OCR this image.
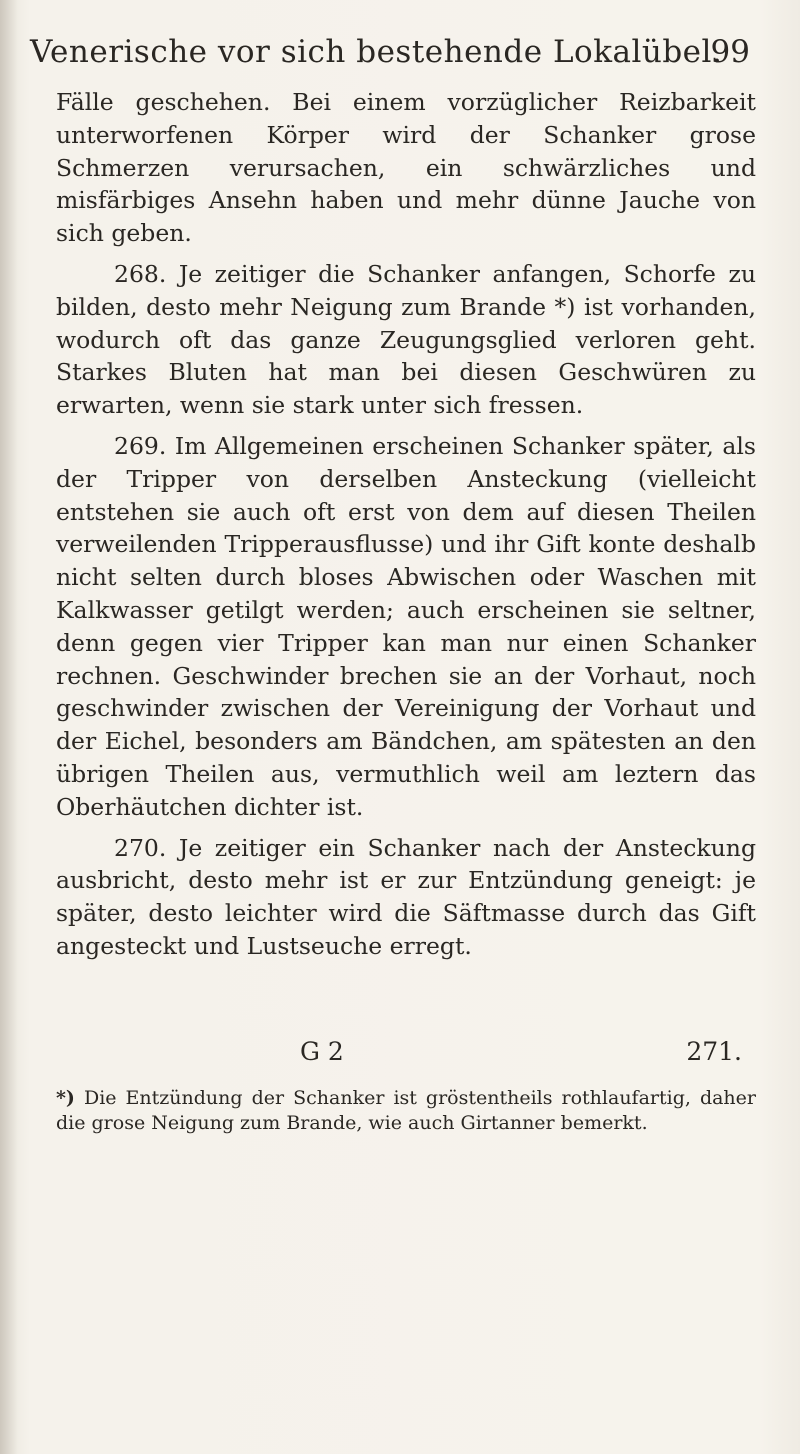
Venerische vor sich bestehende Lokalübel.
99

Fälle geschehen. Bei einem vorzüglicher Reizbarkeit unterworfenen Körper wird der Schanker grose Schmerzen verursachen, ein schwärzliches und misfärbiges Ansehn haben und mehr dünne Jauche von sich geben.

268. Je zeitiger die Schanker anfangen, Schorfe zu bilden, desto mehr Neigung zum Brande *) ist vorhanden, wodurch oft das ganze Zeugungsglied verloren geht. Starkes Bluten hat man bei diesen Geschwüren zu erwarten, wenn sie stark unter sich fressen.

269. Im Allgemeinen erscheinen Schanker später, als der Tripper von derselben Ansteckung (vielleicht entstehen sie auch oft erst von dem auf diesen Theilen verweilenden Tripperausflusse) und ihr Gift konte deshalb nicht selten durch bloses Abwischen oder Waschen mit Kalkwasser getilgt werden; auch erscheinen sie seltner, denn gegen vier Tripper kan man nur einen Schanker rechnen. Geschwinder brechen sie an der Vorhaut, noch geschwinder zwischen der Vereinigung der Vorhaut und der Eichel, besonders am Bändchen, am spätesten an den übrigen Theilen aus, vermuthlich weil am leztern das Oberhäutchen dichter ist.

270. Je zeitiger ein Schanker nach der Ansteckung ausbricht, desto mehr ist er zur Entzündung geneigt: je später, desto leichter wird die Säftmasse durch das Gift angesteckt und Lustseuche erregt.

G 2	271.
*) Die Entzündung der Schanker ist gröstentheils rothlaufartig, daher die grose Neigung zum Brande, wie auch Girtanner bemerkt.
